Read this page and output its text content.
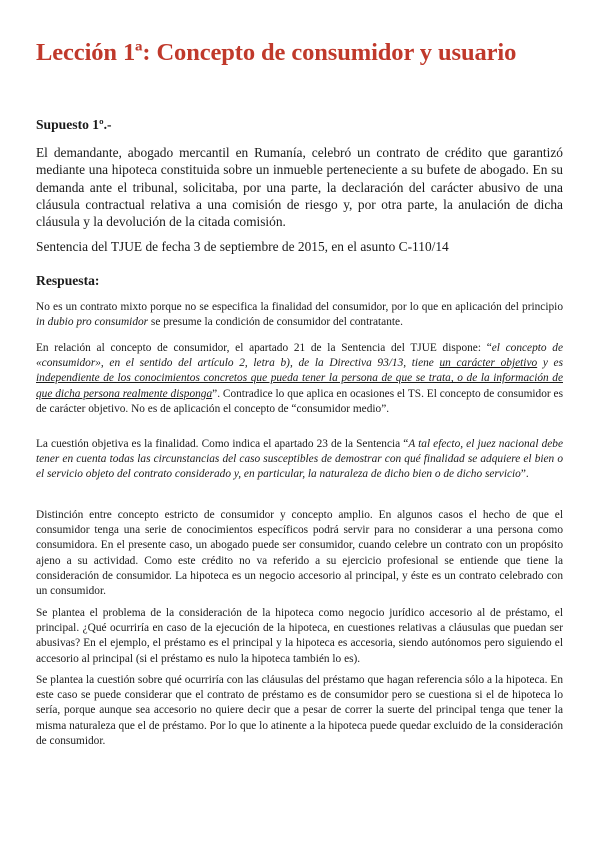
Lección 1ª: Concepto de consumidor y usuario
Supuesto 1º.-
El demandante, abogado mercantil en Rumanía, celebró un contrato de crédito que garantizó mediante una hipoteca constituida sobre un inmueble perteneciente a su bufete de abogado. En su demanda ante el tribunal, solicitaba, por una parte, la declaración del carácter abusivo de una cláusula contractual relativa a una comisión de riesgo y, por otra parte, la anulación de dicha cláusula y la devolución de la citada comisión.
Sentencia del TJUE de fecha 3 de septiembre de 2015, en el asunto C-110/14
Respuesta:
No es un contrato mixto porque no se especifica la finalidad del consumidor, por lo que en aplicación del principio in dubio pro consumidor se presume la condición de consumidor del contratante.
En relación al concepto de consumidor, el apartado 21 de la Sentencia del TJUE dispone: “el concepto de «consumidor», en el sentido del artículo 2, letra b), de la Directiva 93/13, tiene un carácter objetivo y es independiente de los conocimientos concretos que pueda tener la persona de que se trata, o de la información de que dicha persona realmente disponga”. Contradice lo que aplica en ocasiones el TS. El concepto de consumidor es de carácter objetivo. No es de aplicación el concepto de “consumidor medio”.
La cuestión objetiva es la finalidad. Como indica el apartado 23 de la Sentencia “A tal efecto, el juez nacional debe tener en cuenta todas las circunstancias del caso susceptibles de demostrar con qué finalidad se adquiere el bien o el servicio objeto del contrato considerado y, en particular, la naturaleza de dicho bien o de dicho servicio”.
Distinción entre concepto estricto de consumidor y concepto amplio. En algunos casos el hecho de que el consumidor tenga una serie de conocimientos específicos podrá servir para no considerar a una persona como consumidora. En el presente caso, un abogado puede ser consumidor, cuando celebre un contrato con un propósito ajeno a su actividad. Como este crédito no va referido a su ejercicio profesional se entiende que tiene la consideración de consumidor. La hipoteca es un negocio accesorio al principal, y éste es un contrato celebrado con un consumidor.
Se plantea el problema de la consideración de la hipoteca como negocio jurídico accesorio al de préstamo, el principal. ¿Qué ocurriría en caso de la ejecución de la hipoteca, en cuestiones relativas a cláusulas que puedan ser abusivas? En el ejemplo, el préstamo es el principal y la hipoteca es accesoria, siendo autónomos pero siguiendo el accesorio al principal (si el préstamo es nulo la hipoteca también lo es).
Se plantea la cuestión sobre qué ocurriría con las cláusulas del préstamo que hagan referencia sólo a la hipoteca. En este caso se puede considerar que el contrato de préstamo es de consumidor pero se cuestiona si el de hipoteca lo sería, porque aunque sea accesorio no quiere decir que a pesar de correr la suerte del principal tenga que tener la misma naturaleza que el de préstamo. Por lo que lo atinente a la hipoteca puede quedar excluido de la consideración de consumidor.
